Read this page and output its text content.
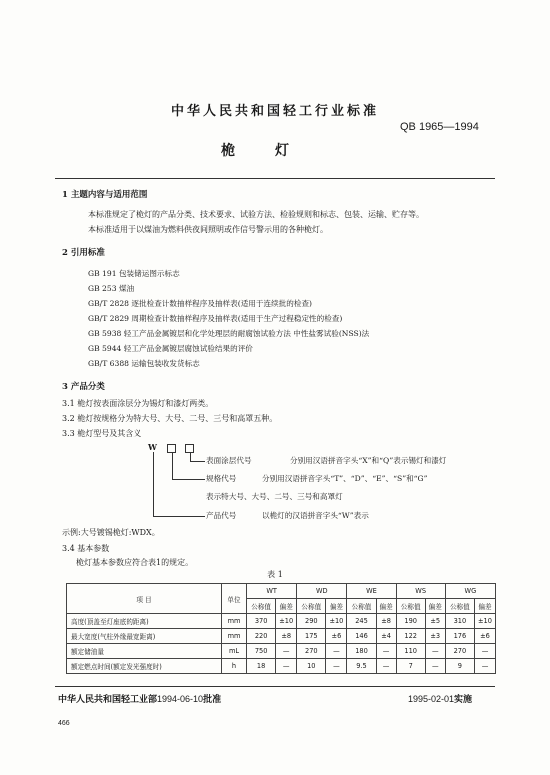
中华人民共和国轻工行业标准
QB 1965—1994
桅灯
1 主题内容与适用范围
本标准规定了桅灯的产品分类、技术要求、试验方法、检验规则和标志、包装、运输、贮存等。
本标准适用于以煤油为燃料供夜间照明或作信号警示用的各种桅灯。
2 引用标准
GB 191 包装储运图示标志
GB 253 煤油
GB/T 2828 逐批检查计数抽样程序及抽样表(适用于连续批的检查)
GB/T 2829 周期检查计数抽样程序及抽样表(适用于生产过程稳定性的检查)
GB 5938 轻工产品金属镀层和化学处理层的耐腐蚀试验方法 中性盐雾试验(NSS)法
GB 5944 轻工产品金属镀层腐蚀试验结果的评价
GB/T 6388 运输包装收发货标志
3 产品分类
3.1 桅灯按表面涂层分为锡灯和漆灯两类。
3.2 桅灯按规格分为特大号、大号、二号、三号和高罩五种。
3.3 桅灯型号及其含义
W
表面涂层代号	分别用汉语拼音字头“X”和“Q”表示锡灯和漆灯
规格代号	分别用汉语拼音字头“T”、“D”、“E”、“S”和“G”
表示特大号、大号、二号、三号和高罩灯
产品代号	以桅灯的汉语拼音字头“W”表示
示例:大号镀锡桅灯:WDX。
3.4 基本参数
桅灯基本参数应符合表1的规定。
表 1
项 目	单位	WT		WD		WE		WS		WG	
		公称值	偏差	公称值	偏差	公称值	偏差	公称值	偏差	公称值	偏差
高度(顶盖至灯座底的距离)	mm	370	±10	290	±10	245	±8	190	±5	310	±10
最大宽度(气柱外缘最宽距离)	mm	220	±8	175	±6	146	±4	122	±3	176	±6
额定储油量	mL	750	—	270	—	180	—	110	—	270	—
额定燃点时间(额定发光强度时)	h	18	—	10	—	9.5	—	7	—	9	—
中华人民共和国轻工业部1994-06-10批准	1995-02-01实施
466
